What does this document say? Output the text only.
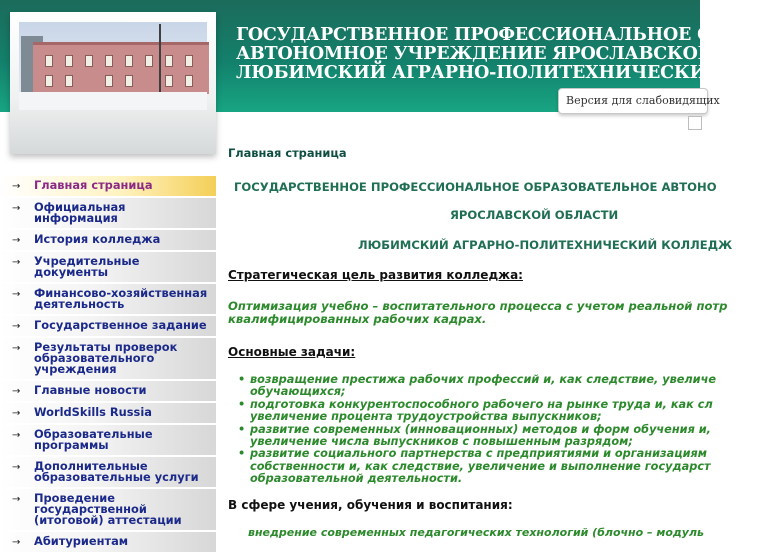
ГОСУДАРСТВЕННОЕ ПРОФЕССИОНАЛЬНОЕ ОБРАЗ
АВТОНОМНОЕ УЧРЕЖДЕНИЕ ЯРОСЛАВСКОЙ ОБЛ
ЛЮБИМСКИЙ АГРАРНО-ПОЛИТЕХНИЧЕСКИЙ КОЛ
Версия для слабовидящих
→ Главная страница
→ Официальная информация
→ История колледжа
→ Учредительные документы
→ Финансово-хозяйственная деятельность
→ Государственное задание
→ Результаты проверок образовательного учреждения
→ Главные новости
→ WorldSkills Russia
→ Образовательные программы
→ Дополнительные образовательные услуги
→ Проведение государственной (итоговой) аттестации
→ Абитуриентам
Главная страница
ГОСУДАРСТВЕННОЕ ПРОФЕССИОНАЛЬНОЕ ОБРАЗОВАТЕЛЬНОЕ АВТОНО
ЯРОСЛАВСКОЙ ОБЛАСТИ
ЛЮБИМСКИЙ АГРАРНО-ПОЛИТЕХНИЧЕСКИЙ КОЛЛЕДЖ
Стратегическая цель развития колледжа:
Оптимизация учебно – воспитательного процесса с учетом реальной потр
квалифицированных рабочих кадрах.
Основные задачи:
• возвращение престижа рабочих профессий и, как следствие, увеличе
обучающихся;
• подготовка конкурентоспособного рабочего на рынке труда и, как сл
увеличение процента трудоустройства выпускников;
• развитие современных (инновационных) методов и форм обучения и,
увеличение числа выпускников с повышенным разрядом;
• развитие социального партнерства с предприятиями и организациям
собственности и, как следствие, увеличение и выполнение государст
образовательной деятельности.
В сфере учения, обучения и воспитания:
внедрение современных педагогических технологий (блочно – модуль
